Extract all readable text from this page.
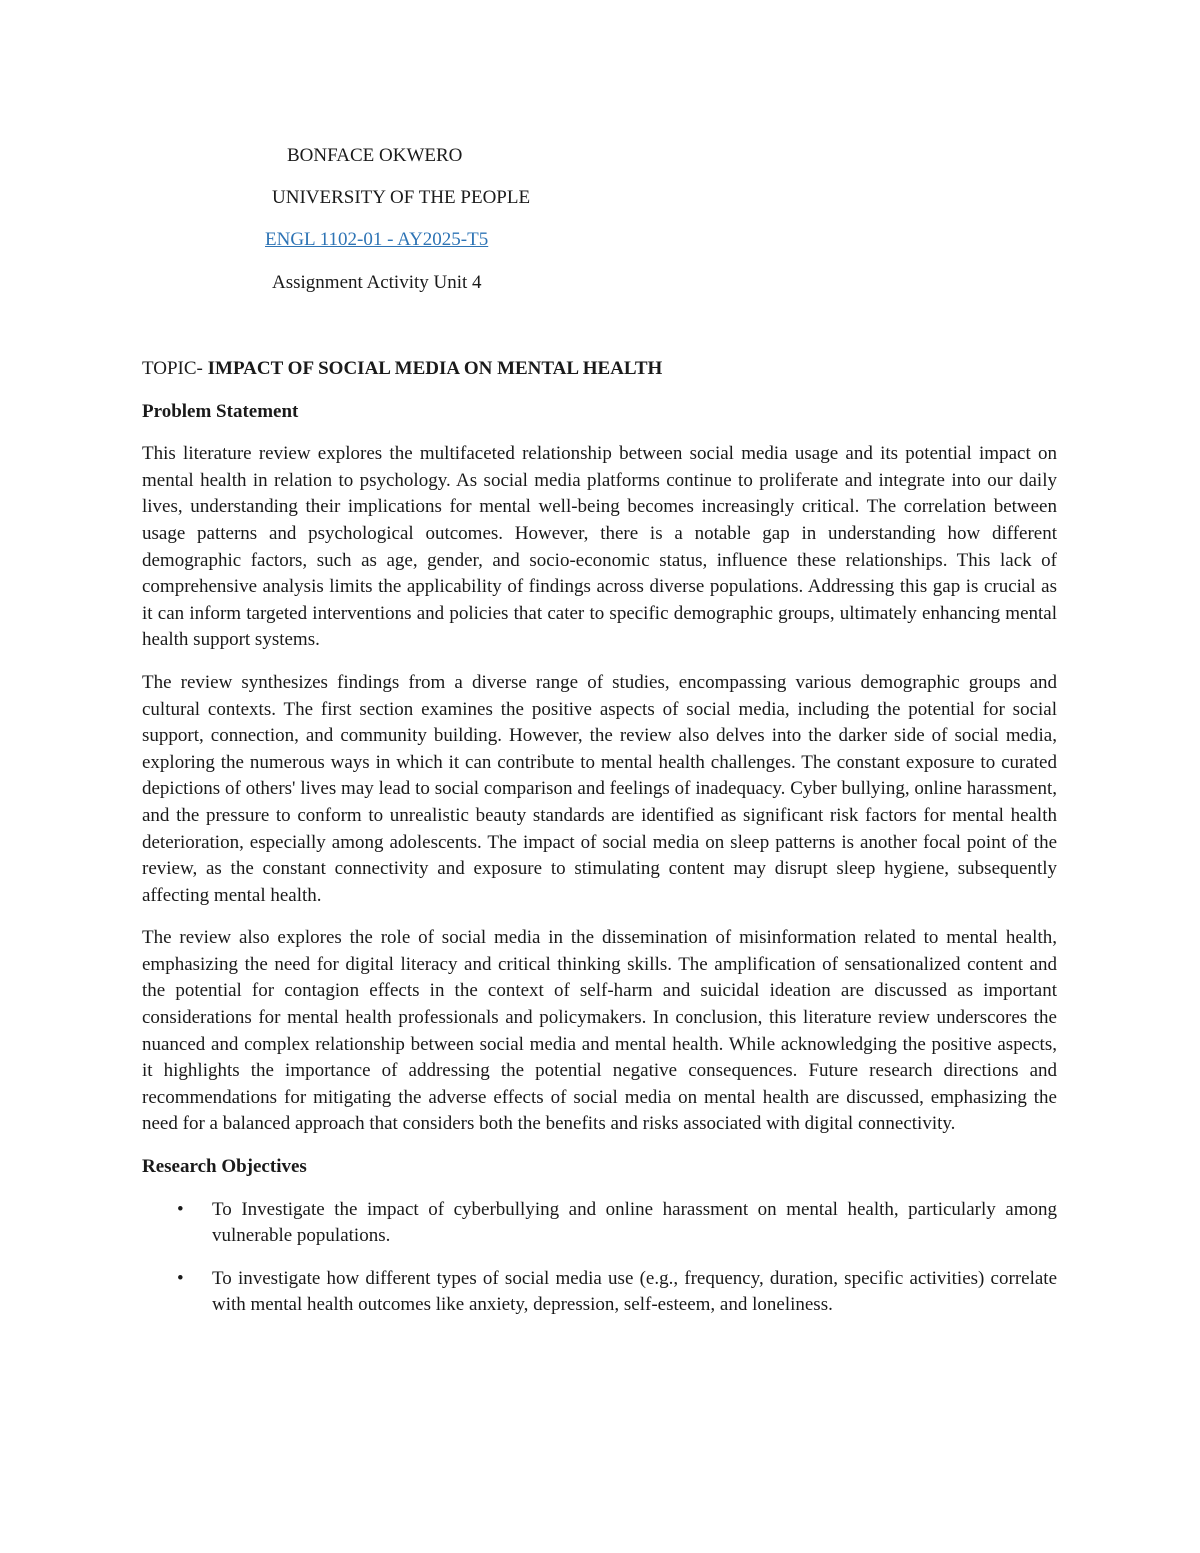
BONFACE OKWERO
UNIVERSITY OF THE PEOPLE
ENGL 1102-01 - AY2025-T5
Assignment Activity Unit 4

TOPIC- IMPACT OF SOCIAL MEDIA ON MENTAL HEALTH

Problem Statement

This literature review explores the multifaceted relationship between social media usage and its potential impact on mental health in relation to psychology. As social media platforms continue to proliferate and integrate into our daily lives, understanding their implications for mental well-being becomes increasingly critical. The correlation between usage patterns and psychological outcomes. However, there is a notable gap in understanding how different demographic factors, such as age, gender, and socio-economic status, influence these relationships. This lack of comprehensive analysis limits the applicability of findings across diverse populations. Addressing this gap is crucial as it can inform targeted interventions and policies that cater to specific demographic groups, ultimately enhancing mental health support systems.

The review synthesizes findings from a diverse range of studies, encompassing various demographic groups and cultural contexts. The first section examines the positive aspects of social media, including the potential for social support, connection, and community building. However, the review also delves into the darker side of social media, exploring the numerous ways in which it can contribute to mental health challenges. The constant exposure to curated depictions of others' lives may lead to social comparison and feelings of inadequacy. Cyber bullying, online harassment, and the pressure to conform to unrealistic beauty standards are identified as significant risk factors for mental health deterioration, especially among adolescents. The impact of social media on sleep patterns is another focal point of the review, as the constant connectivity and exposure to stimulating content may disrupt sleep hygiene, subsequently affecting mental health.

The review also explores the role of social media in the dissemination of misinformation related to mental health, emphasizing the need for digital literacy and critical thinking skills. The amplification of sensationalized content and the potential for contagion effects in the context of self-harm and suicidal ideation are discussed as important considerations for mental health professionals and policymakers. In conclusion, this literature review underscores the nuanced and complex relationship between social media and mental health. While acknowledging the positive aspects, it highlights the importance of addressing the potential negative consequences. Future research directions and recommendations for mitigating the adverse effects of social media on mental health are discussed, emphasizing the need for a balanced approach that considers both the benefits and risks associated with digital connectivity.

Research Objectives

• To Investigate the impact of cyberbullying and online harassment on mental health, particularly among vulnerable populations.
• To investigate how different types of social media use (e.g., frequency, duration, specific activities) correlate with mental health outcomes like anxiety, depression, self-esteem, and loneliness.
